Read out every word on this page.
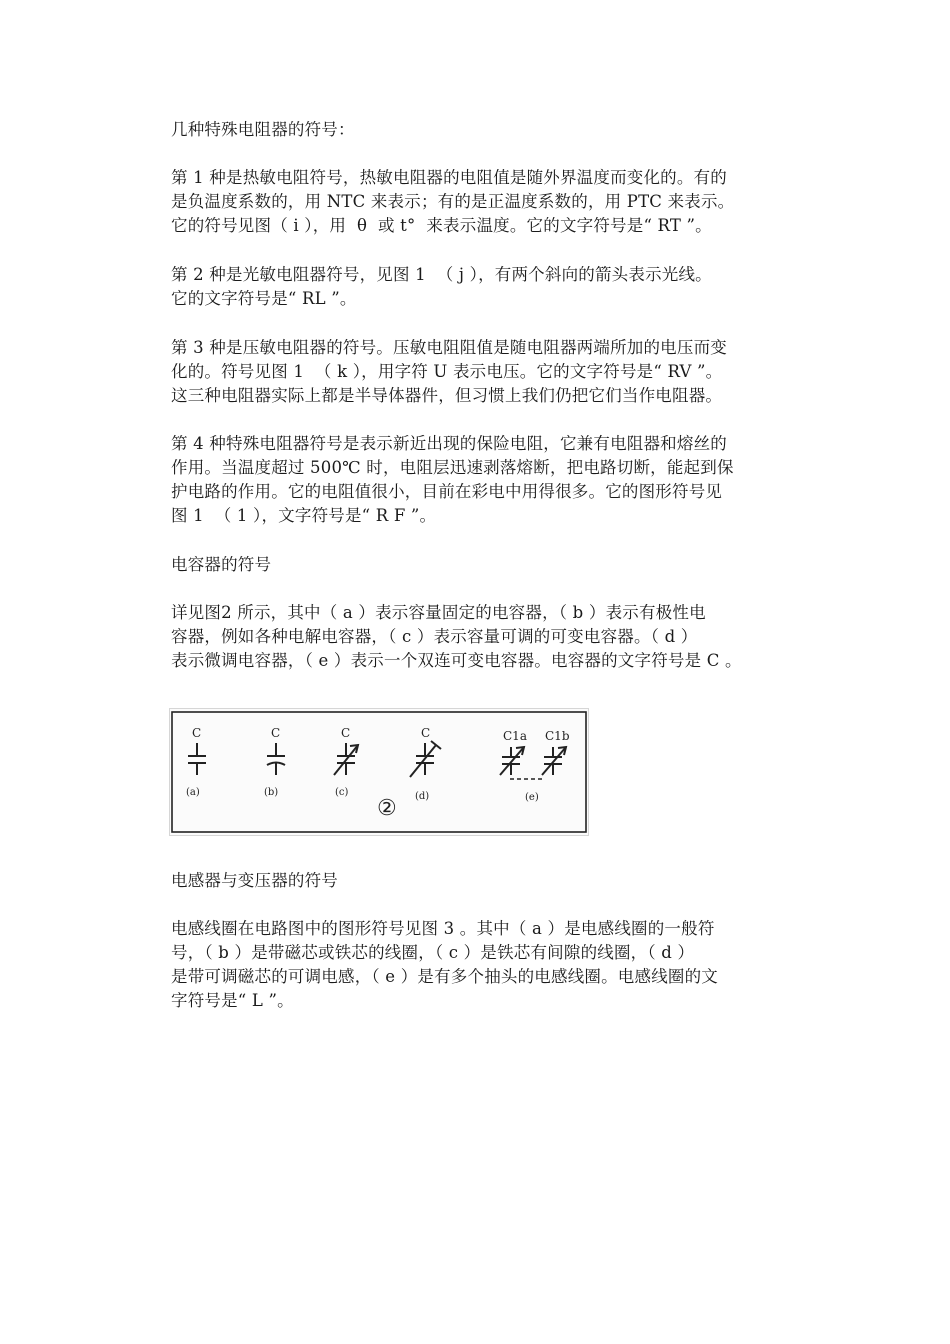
几种特殊电阻器的符号：
第 1 种是热敏电阻符号，热敏电阻器的电阻值是随外界温度而变化的。有的
是负温度系数的，用 NTC 来表示；有的是正温度系数的，用 PTC 来表示。
它的符号见图（ i ），用  θ  或 t°  来表示温度。它的文字符号是“ RT ”。
第 2 种是光敏电阻器符号，见图 1  （ j ），有两个斜向的箭头表示光线。
它的文字符号是“ RL ”。
第 3 种是压敏电阻器的符号。压敏电阻阻值是随电阻器两端所加的电压而变
化的。符号见图 1  （ k ），用字符 U 表示电压。它的文字符号是“ RV ”。
这三种电阻器实际上都是半导体器件，但习惯上我们仍把它们当作电阻器。
第 4 种特殊电阻器符号是表示新近出现的保险电阻，它兼有电阻器和熔丝的
作用。当温度超过 500℃ 时，电阻层迅速剥落熔断，把电路切断，能起到保
护电路的作用。它的电阻值很小，目前在彩电中用得很多。它的图形符号见
图 1  （ 1 ），文字符号是“ R F ”。
电容器的符号
详见图2 所示，其中（ a ）表示容量固定的电容器，（ b ）表示有极性电
容器，例如各种电解电容器，（ c ）表示容量可调的可变电容器。（ d ）
表示微调电容器，（ e ）表示一个双连可变电容器。电容器的文字符号是 C 。
C
(a)
C
(b)
C
(c)
C
(d)
C1a C1b
(e)
②
电感器与变压器的符号
电感线圈在电路图中的图形符号见图 3 。其中（ a ）是电感线圈的一般符
号，（ b ）是带磁芯或铁芯的线圈，（ c ）是铁芯有间隙的线圈，（ d ）
是带可调磁芯的可调电感，（ e ）是有多个抽头的电感线圈。电感线圈的文
字符号是“ L ”。
